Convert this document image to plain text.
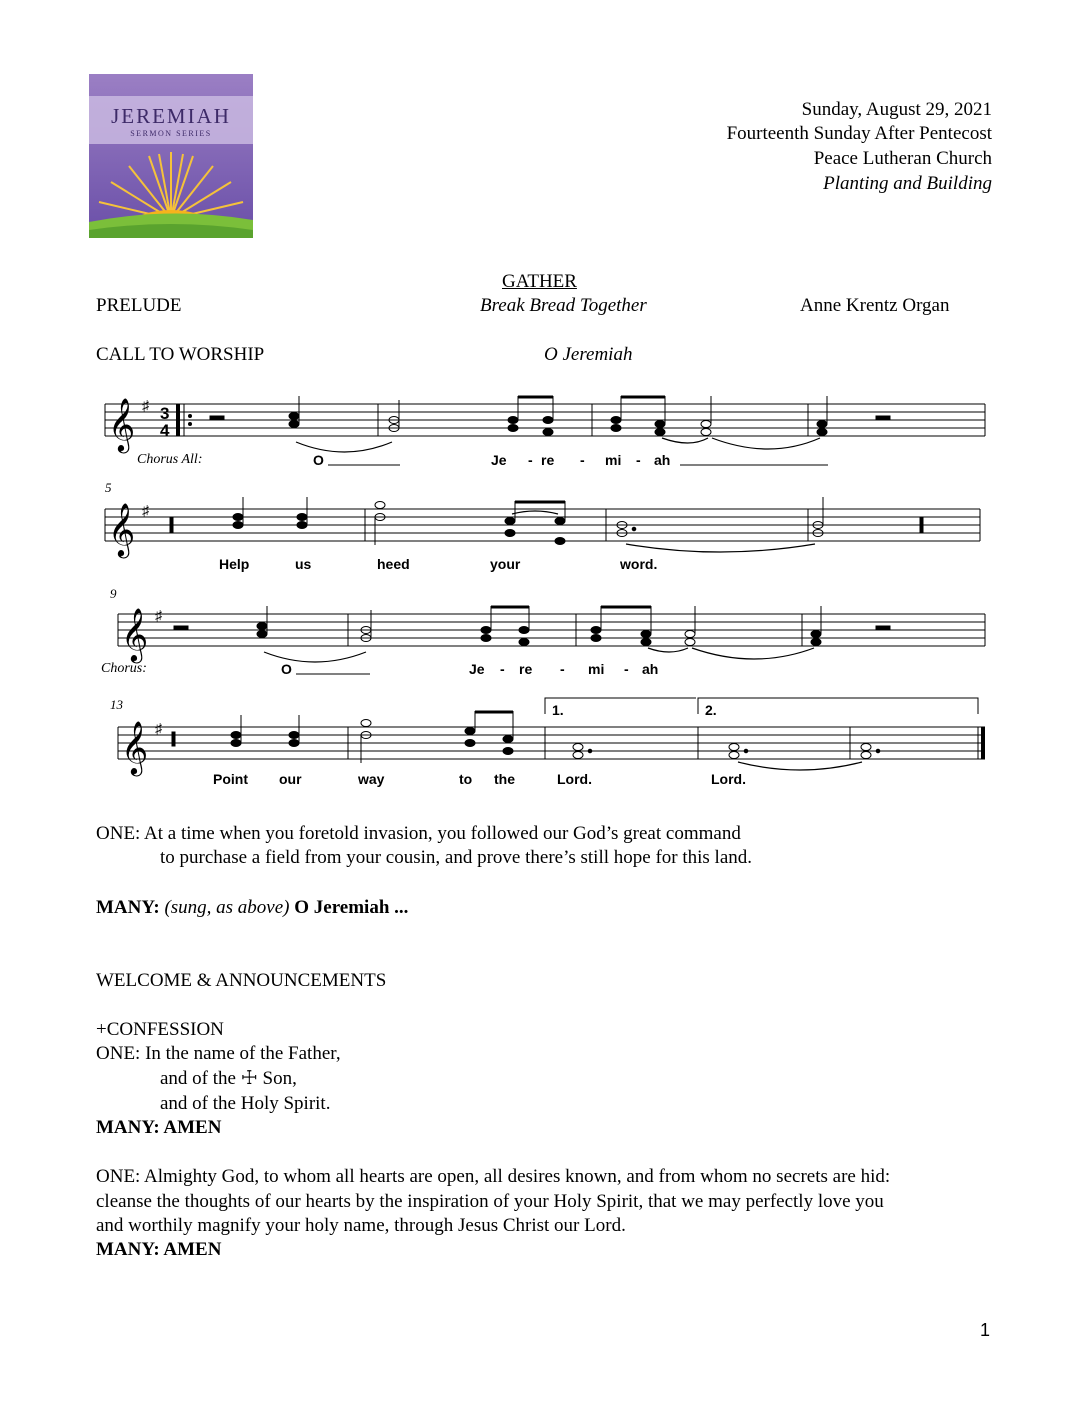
JEREMIAH
SERMON SERIES
Sunday, August 29, 2021
Fourteenth Sunday After Pentecost
Peace Lutheran Church
Planting and Building
GATHER
PRELUDE	Break Bread Together	Anne Krentz Organ
CALL TO WORSHIP	O Jeremiah
1.	2.
𝄞
𝄞
𝄞
𝄞
♯
♯
♯
♯
3
4
Chorus All:	O	Je - re - mi - ah
5
Help	us	heed	your	word.
9
Chorus:	O	Je - re - mi - ah
13
Point our	way	to the	Lord.	Lord.
ONE: At a time when you foretold invasion, you followed our God’s great command
to purchase a field from your cousin, and prove there’s still hope for this land.
MANY: (sung, as above) O Jeremiah ...
WELCOME & ANNOUNCEMENTS
+CONFESSION
ONE: In the name of the Father,
and of the ☩ Son,
and of the Holy Spirit.
MANY: AMEN
ONE: Almighty God, to whom all hearts are open, all desires known, and from whom no secrets are hid:
cleanse the thoughts of our hearts by the inspiration of your Holy Spirit, that we may perfectly love you
and worthily magnify your holy name, through Jesus Christ our Lord.
MANY: AMEN
1
